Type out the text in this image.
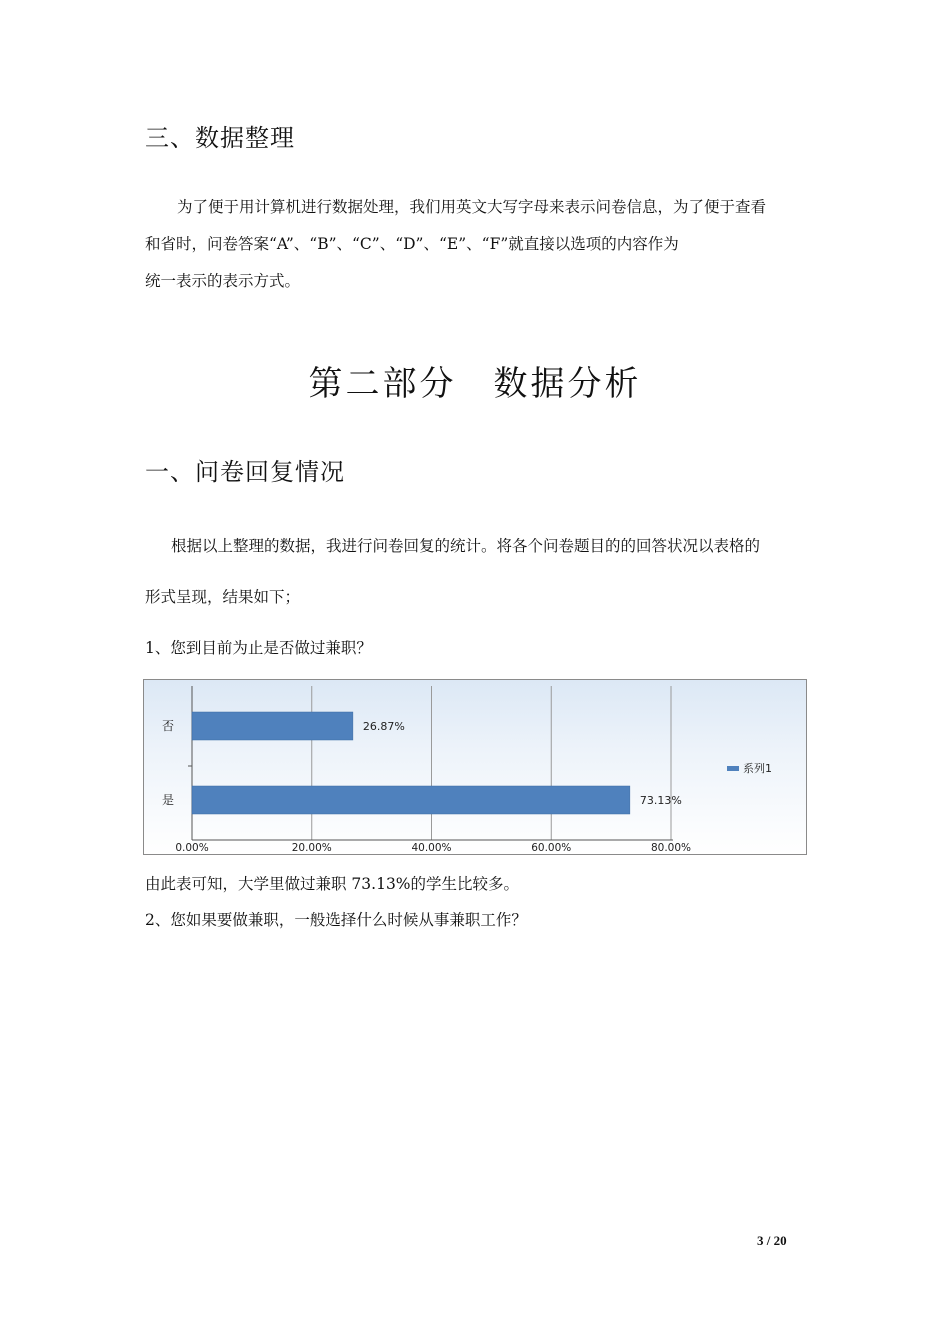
三、数据整理
为了便于用计算机进行数据处理，我们用英文大写字母来表示问卷信息，为了便于查看
和省时，问卷答案“A”、“B”、“C”、“D”、“E”、“F”就直接以选项的内容作为
统一表示的表示方式。
第二部分　数据分析
一、问卷回复情况
根据以上整理的数据，我进行问卷回复的统计。将各个问卷题目的的回答状况以表格的
形式呈现，结果如下；
1、您到目前为止是否做过兼职？
0.00%	20.00%	40.00%	60.00%	80.00%
26.87%
否
73.13%
是
系列1
由此表可知，大学里做过兼职 73.13%的学生比较多。
2、您如果要做兼职，一般选择什么时候从事兼职工作？
3 / 20
